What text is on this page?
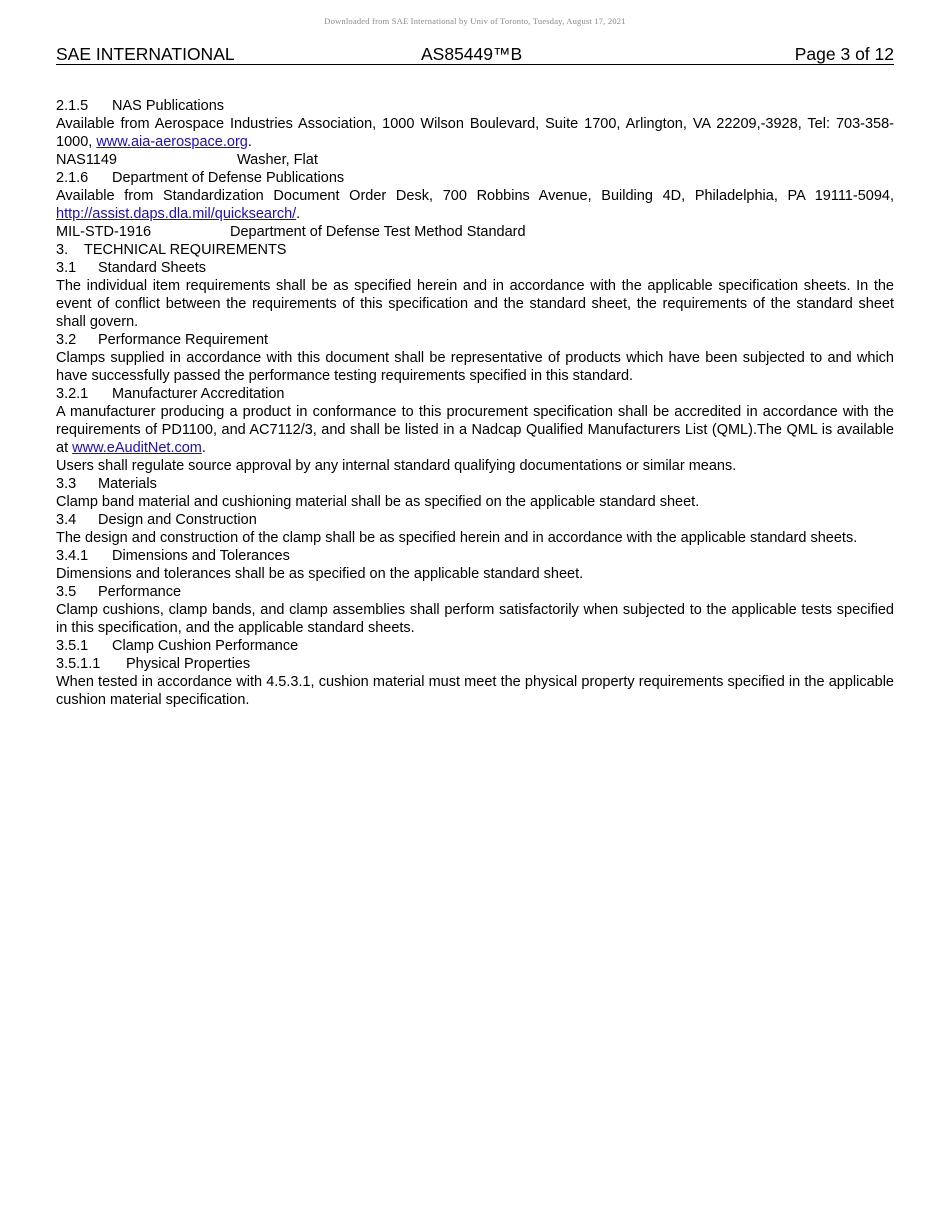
Downloaded from SAE International by Univ of Toronto, Tuesday, August 17, 2021
SAE INTERNATIONAL	AS85449™B	Page 3 of 12

2.1.5	NAS Publications

Available from Aerospace Industries Association, 1000 Wilson Boulevard, Suite 1700, Arlington, VA 22209,-3928, Tel: 703-358-1000, www.aia-aerospace.org.

NAS1149	Washer, Flat

2.1.6	Department of Defense Publications

Available from Standardization Document Order Desk, 700 Robbins Avenue, Building 4D, Philadelphia, PA 19111-5094, http://assist.daps.dla.mil/quicksearch/.

MIL-STD-1916	Department of Defense Test Method Standard

3.	TECHNICAL REQUIREMENTS

3.1	Standard Sheets

The individual item requirements shall be as specified herein and in accordance with the applicable specification sheets. In the event of conflict between the requirements of this specification and the standard sheet, the requirements of the standard sheet shall govern.

3.2	Performance Requirement

Clamps supplied in accordance with this document shall be representative of products which have been subjected to and which have successfully passed the performance testing requirements specified in this standard.

3.2.1	Manufacturer Accreditation

A manufacturer producing a product in conformance to this procurement specification shall be accredited in accordance with the requirements of PD1100, and AC7112/3, and shall be listed in a Nadcap Qualified Manufacturers List (QML).The QML is available at www.eAuditNet.com.

Users shall regulate source approval by any internal standard qualifying documentations or similar means.

3.3	Materials

Clamp band material and cushioning material shall be as specified on the applicable standard sheet.

3.4	Design and Construction

The design and construction of the clamp shall be as specified herein and in accordance with the applicable standard sheets.

3.4.1	Dimensions and Tolerances

Dimensions and tolerances shall be as specified on the applicable standard sheet.

3.5	Performance

Clamp cushions, clamp bands, and clamp assemblies shall perform satisfactorily when subjected to the applicable tests specified in this specification, and the applicable standard sheets.

3.5.1	Clamp Cushion Performance

3.5.1.1	Physical Properties

When tested in accordance with 4.5.3.1, cushion material must meet the physical property requirements specified in the applicable cushion material specification.
